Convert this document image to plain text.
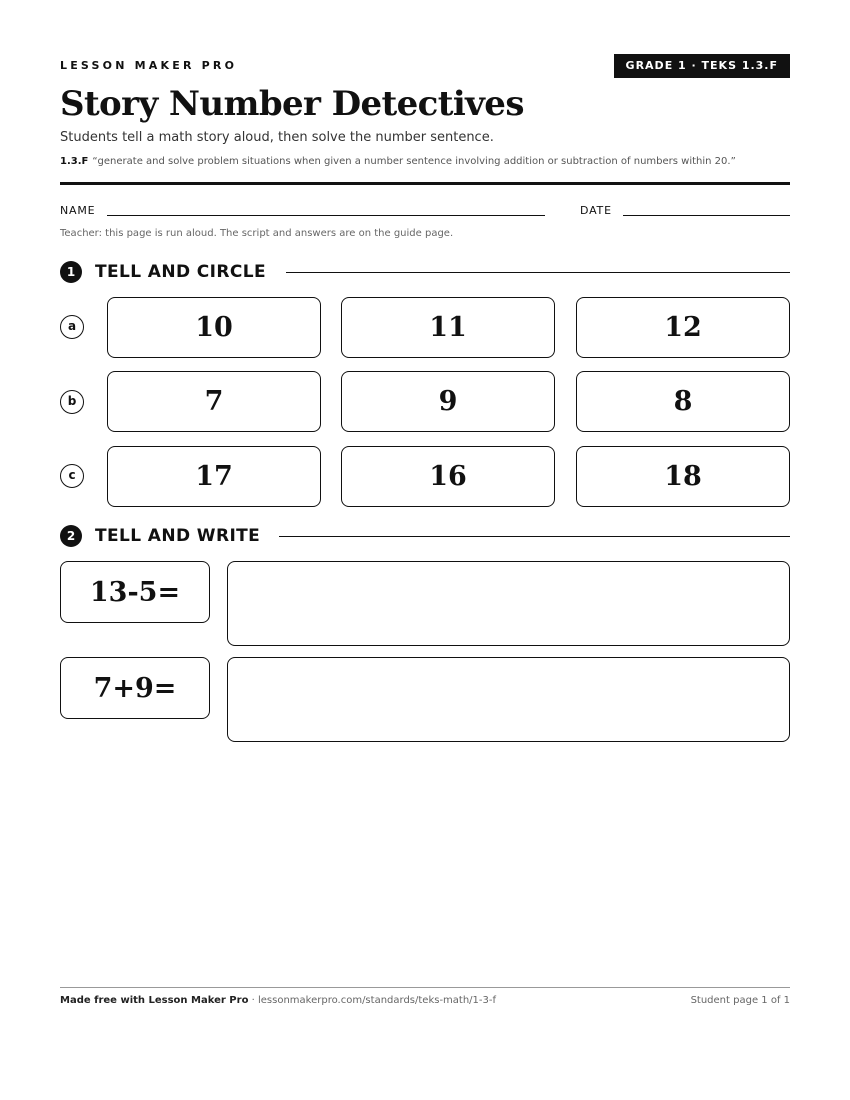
LESSON MAKER PRO	GRADE 1 · TEKS 1.3.F
Story Number Detectives
Students tell a math story aloud, then solve the number sentence.
1.3.F “generate and solve problem situations when given a number sentence involving addition or subtraction of numbers within 20.”
NAME	DATE
Teacher: this page is run aloud. The script and answers are on the guide page.
1	TELL AND CIRCLE
a	10	11	12
b	7	9	8
c	17	16	18
2	TELL AND WRITE
13-5=
7+9=
Made free with Lesson Maker Pro · lessonmakerpro.com/standards/teks-math/1-3-f	Student page 1 of 1
